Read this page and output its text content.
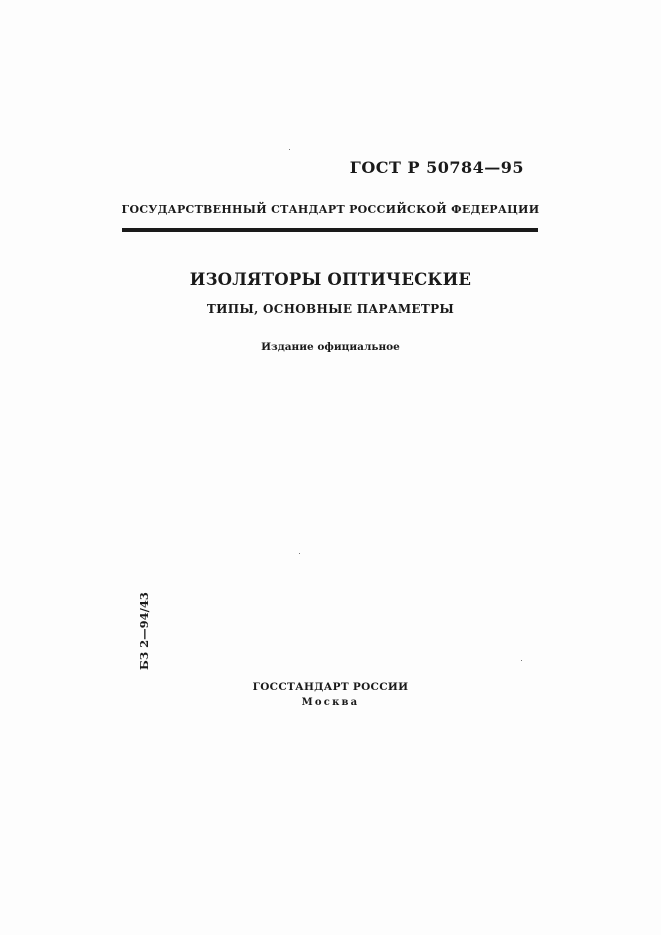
ГОСТ Р 50784—95
ГОСУДАРСТВЕННЫЙ СТАНДАРТ РОССИЙСКОЙ ФЕДЕРАЦИИ
ИЗОЛЯТОРЫ ОПТИЧЕСКИЕ
ТИПЫ, ОСНОВНЫЕ ПАРАМЕТРЫ
Издание официальное
БЗ 2—94/43
ГОССТАНДАРТ РОССИИ
Москва
